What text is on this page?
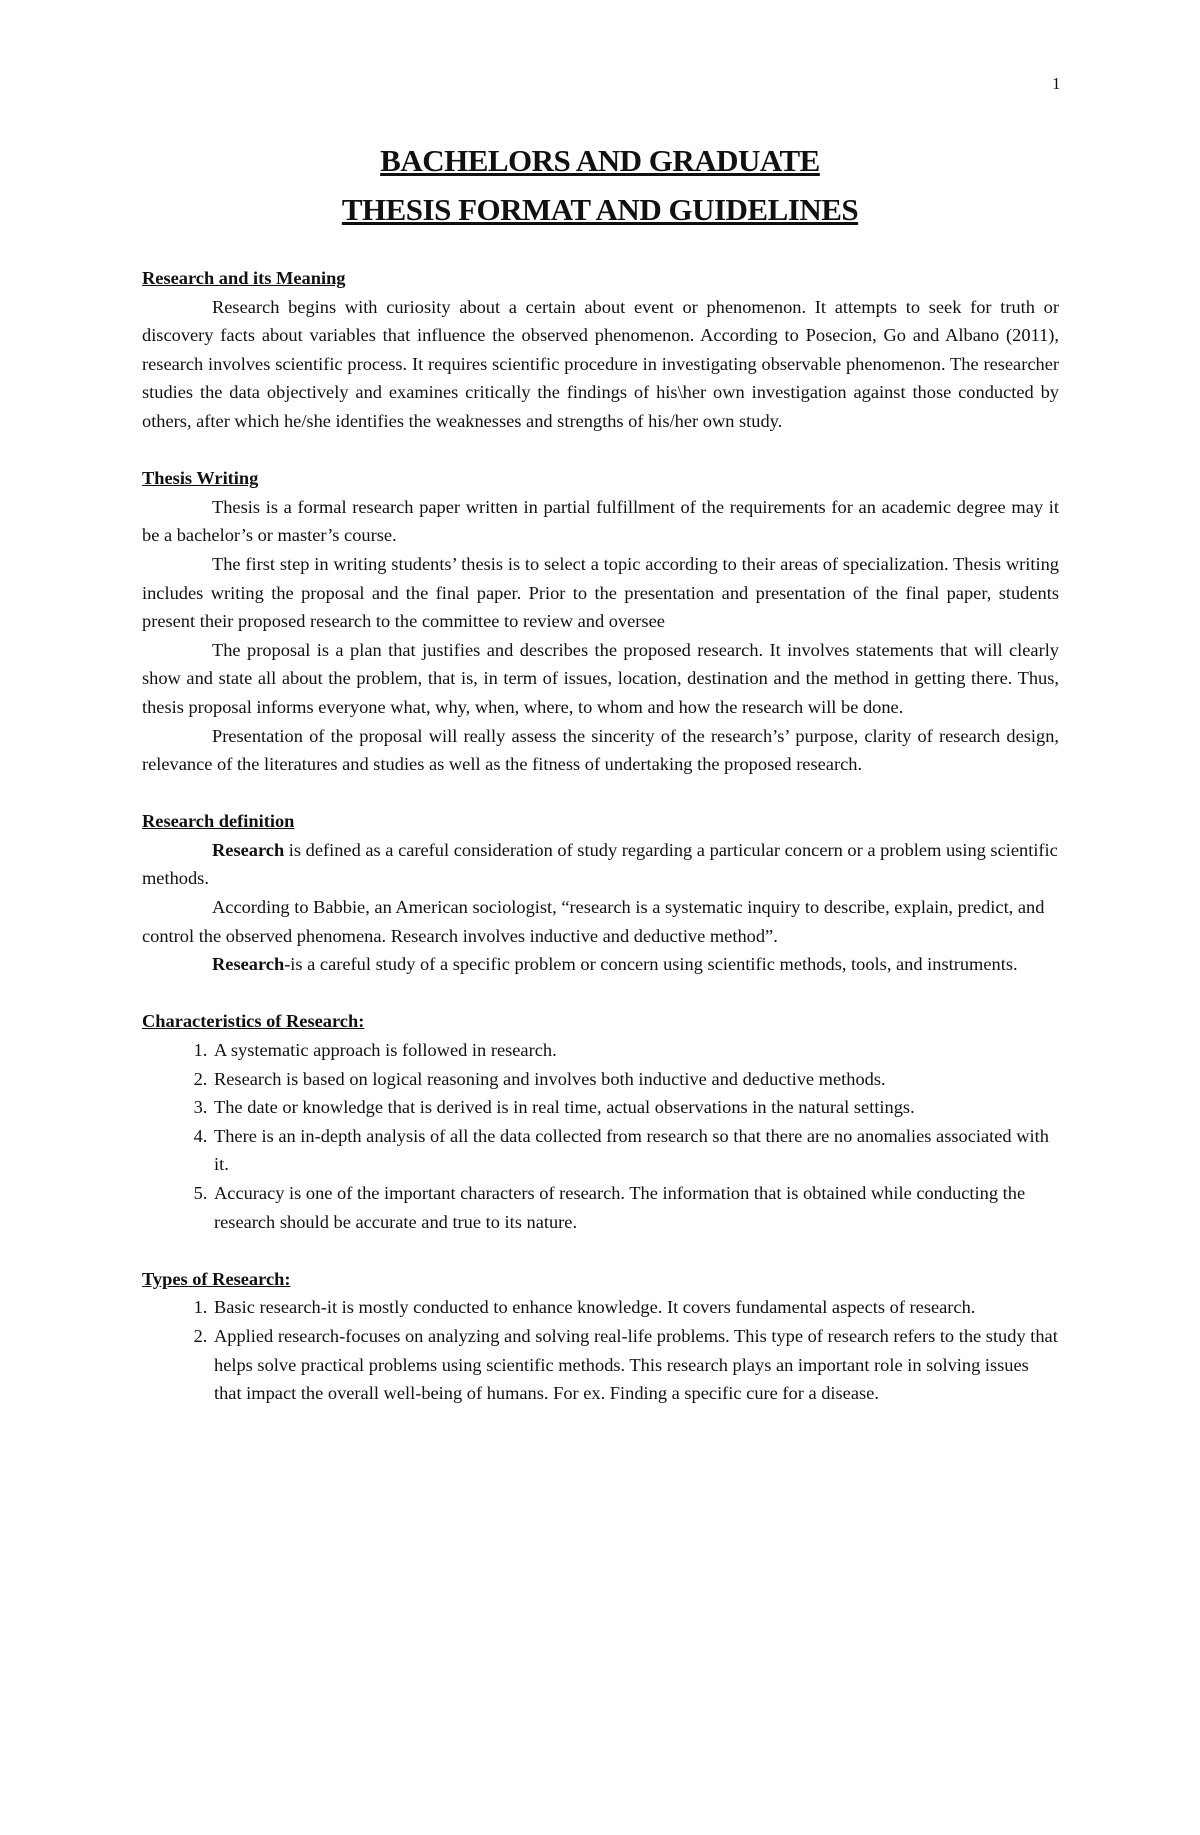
1
BACHELORS AND GRADUATE
THESIS FORMAT AND GUIDELINES

Research and its Meaning

Research begins with curiosity about a certain about event or phenomenon. It attempts to seek for truth or discovery facts about variables that influence the observed phenomenon. According to Posecion, Go and Albano (2011), research involves scientific process. It requires scientific procedure in investigating observable phenomenon. The researcher studies the data objectively and examines critically the findings of his\her own investigation against those conducted by others, after which he/she identifies the weaknesses and strengths of his/her own study.

Thesis Writing

Thesis is a formal research paper written in partial fulfillment of the requirements for an academic degree may it be a bachelor’s or master’s course.

The first step in writing students’ thesis is to select a topic according to their areas of specialization. Thesis writing includes writing the proposal and the final paper. Prior to the presentation and presentation of the final paper, students present their proposed research to the committee to review and oversee

The proposal is a plan that justifies and describes the proposed research. It involves statements that will clearly show and state all about the problem, that is, in term of issues, location, destination and the method in getting there. Thus, thesis proposal informs everyone what, why, when, where, to whom and how the research will be done.

Presentation of the proposal will really assess the sincerity of the research’s’ purpose, clarity of research design, relevance of the literatures and studies as well as the fitness of undertaking the proposed research.

Research definition

Research is defined as a careful consideration of study regarding a particular concern or a problem using scientific methods.

According to Babbie, an American sociologist, “research is a systematic inquiry to describe, explain, predict, and control the observed phenomena. Research involves inductive and deductive method”.

Research-is a careful study of a specific problem or concern using scientific methods, tools, and instruments.

Characteristics of Research:

1. A systematic approach is followed in research.
2. Research is based on logical reasoning and involves both inductive and deductive methods.
3. The date or knowledge that is derived is in real time, actual observations in the natural settings.
4. There is an in-depth analysis of all the data collected from research so that there are no anomalies associated with it.
5. Accuracy is one of the important characters of research. The information that is obtained while conducting the research should be accurate and true to its nature.

Types of Research:

1. Basic research-it is mostly conducted to enhance knowledge. It covers fundamental aspects of research.
2. Applied research-focuses on analyzing and solving real-life problems. This type of research refers to the study that helps solve practical problems using scientific methods. This research plays an important role in solving issues that impact the overall well-being of humans. For ex. Finding a specific cure for a disease.
